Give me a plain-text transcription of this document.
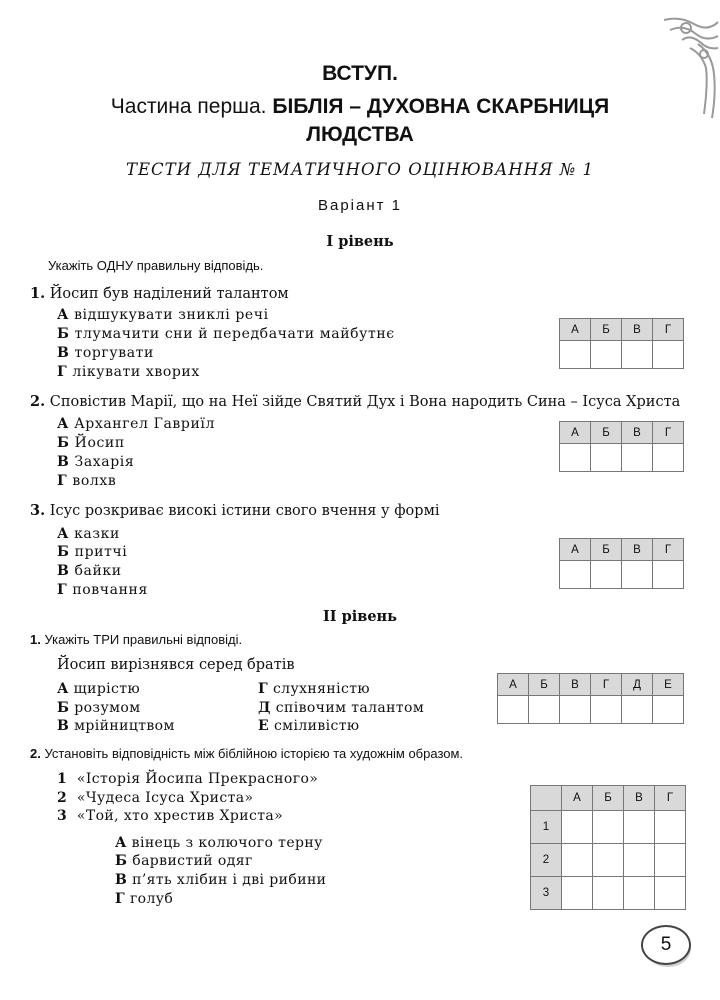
ВСТУП.
Частина перша. БІБЛІЯ – ДУХОВНА СКАРБНИЦЯ
ЛЮДСТВА
ТЕСТИ ДЛЯ ТЕМАТИЧНОГО ОЦІНЮВАННЯ № 1
Варіант 1
І рівень
Укажіть ОДНУ правильну відповідь.
1. Йосип був наділений талантом
А відшукувати зниклі речі
Б тлумачити сни й передбачати майбутнє
В торгувати
Г лікувати хворих
А	Б	В	Г

2. Сповістив Марії, що на Неї зійде Святий Дух і Вона народить Сина – Ісуса Христа
А Архангел Гавриїл
Б Йосип
В Захарія
Г волхв
А	Б	В	Г

3. Ісус розкриває високі істини свого вчення у формі
А казки
Б притчі
В байки
Г повчання
А	Б	В	Г

ІІ рівень
1. Укажіть ТРИ правильні відповіді.
Йосип вирізнявся серед братів
А щирістю
Б розумом
В мрійництвом
Г слухняністю
Д співочим талантом
Е сміливістю
А	Б	В	Г	Д	Е

2. Установіть відповідність між біблійною історією та художнім образом.
1 «Історія Йосипа Прекрасного»
2 «Чудеса Ісуса Христа»
3 «Той, хто хрестив Христа»
А вінець з колючого терну
Б барвистий одяг
В п’ять хлібин і дві рибини
Г голуб
	А	Б	В	Г
1				
2				
3				
5
